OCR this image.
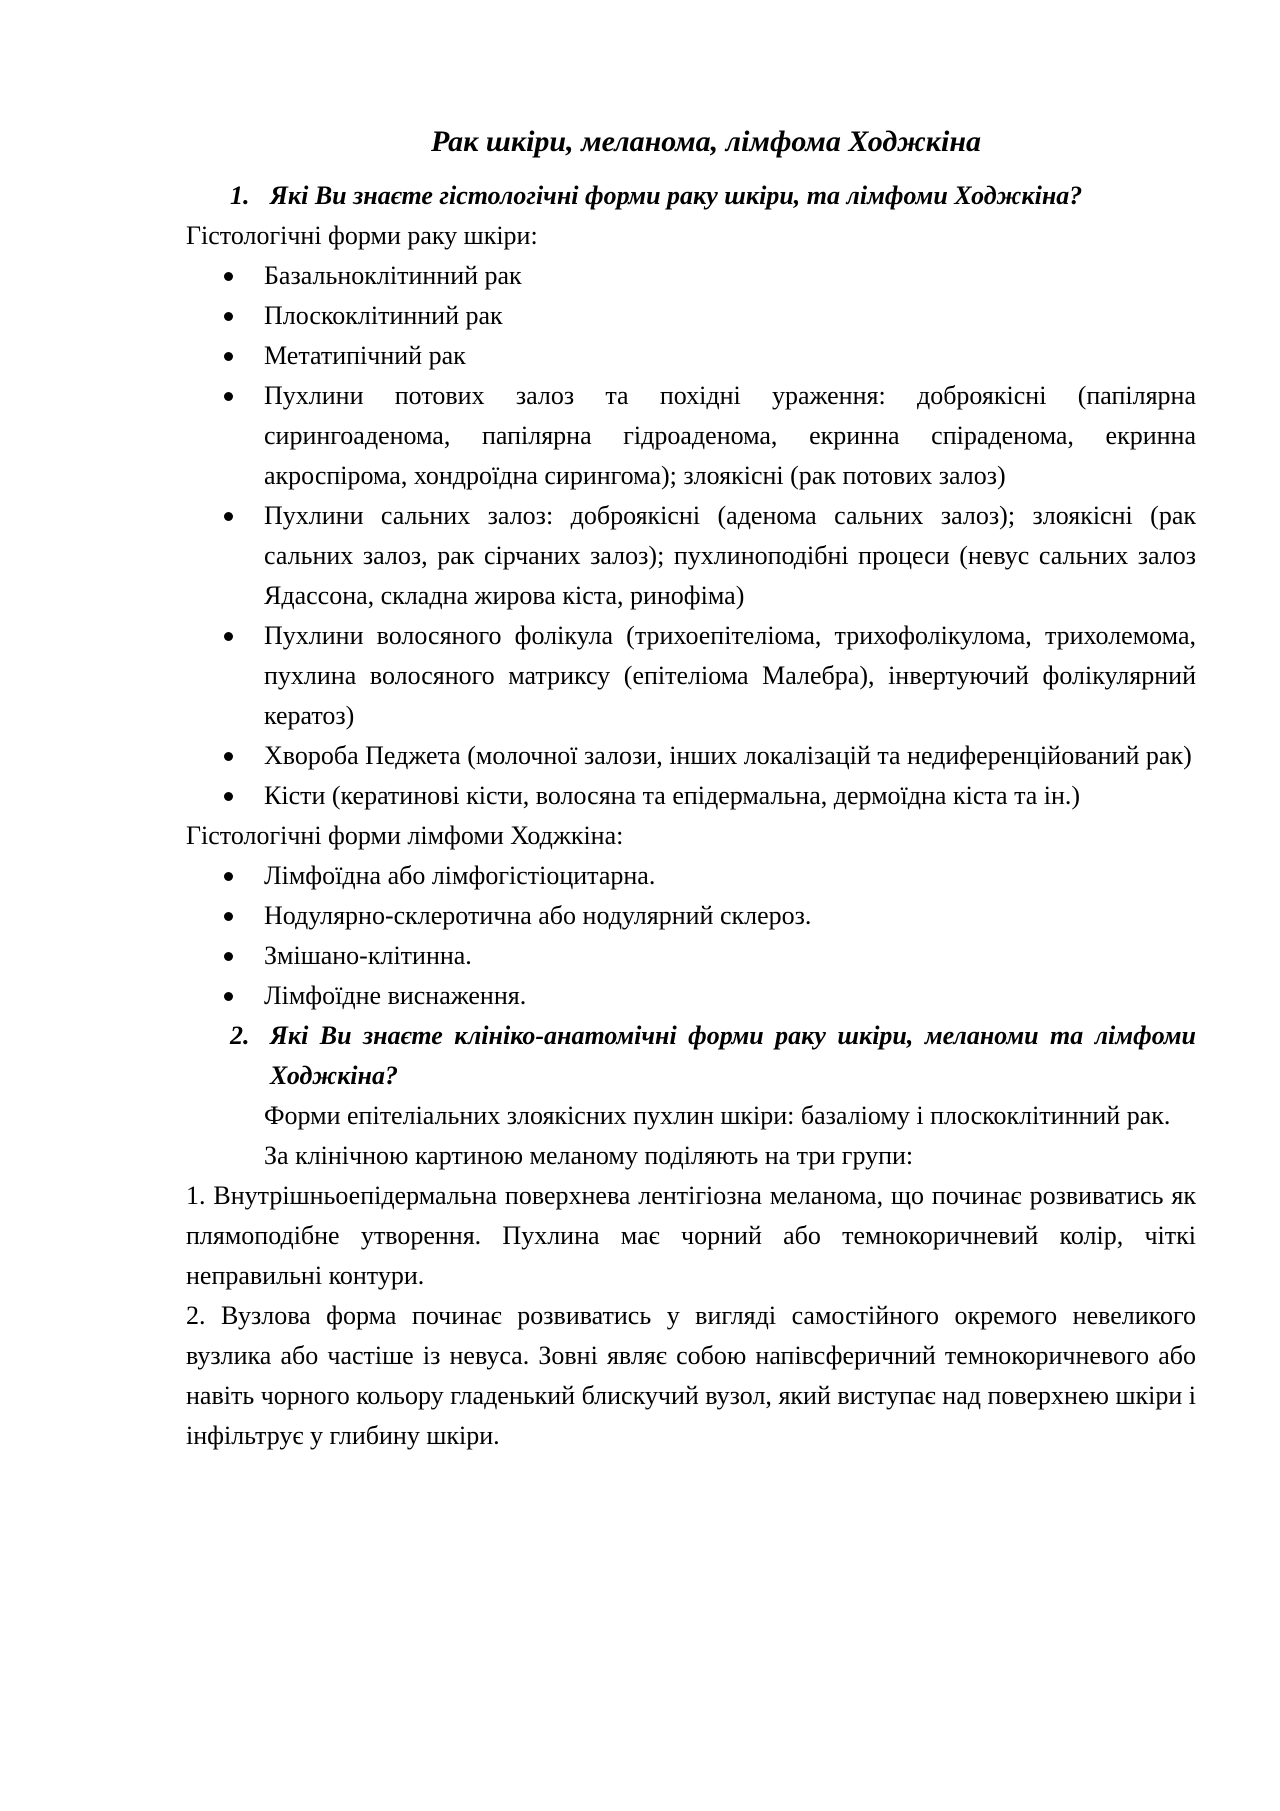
Рак шкіри, меланома, лімфома Ходжкіна
1. Які Ви знаєте гістологічні форми раку шкіри, та лімфоми Ходжкіна?
Гістологічні форми раку шкіри:
Базальноклітинний рак
Плоскоклітинний рак
Метатипічний рак
Пухлини потових залоз та похідні ураження: доброякісні (папілярна сирингоаденома, папілярна гідроаденома, екринна спіраденома, екринна акроспірома, хондроїдна сирингома); злоякісні (рак потових залоз)
Пухлини сальних залоз: доброякісні (аденома сальних залоз); злоякісні (рак сальних залоз, рак сірчаних залоз); пухлиноподібні процеси (невус сальних залоз Ядассона, складна жирова кіста, ринофіма)
Пухлини волосяного фолікула (трихоепітеліома, трихофолікулома, трихолемома, пухлина волосяного матриксу (епітеліома Малебра), інвертуючий фолікулярний кератоз)
Хвороба Педжета (молочної залози, інших локалізацій та недиференційований рак)
Кісти (кератинові кісти, волосяна та епідермальна, дермоїдна кіста та ін.)
Гістологічні форми лімфоми Ходжкіна:
Лімфоїдна або лімфогістіоцитарна.
Нодулярно-склеротична або нодулярний склероз.
Змішано-клітинна.
Лімфоїдне виснаження.
2. Які Ви знаєте клініко-анатомічні форми раку шкіри, меланоми та лімфоми Ходжкіна?
Форми епітеліальних злоякісних пухлин шкіри: базаліому і плоскоклітинний рак.
За клінічною картиною меланому поділяють на три групи:
1. Внутрішньоепідермальна поверхнева лентігіозна меланома, що починає розвиватись як плямоподібне утворення. Пухлина має чорний або темнокоричневий колір, чіткі неправильні контури.
2. Вузлова форма починає розвиватись у вигляді самостійного окремого невеликого вузлика або частіше із невуса. Зовні являє собою напівсферичний темнокоричневого або навіть чорного кольору гладенький блискучий вузол, який виступає над поверхнею шкіри і інфільтрує у глибину шкіри.
